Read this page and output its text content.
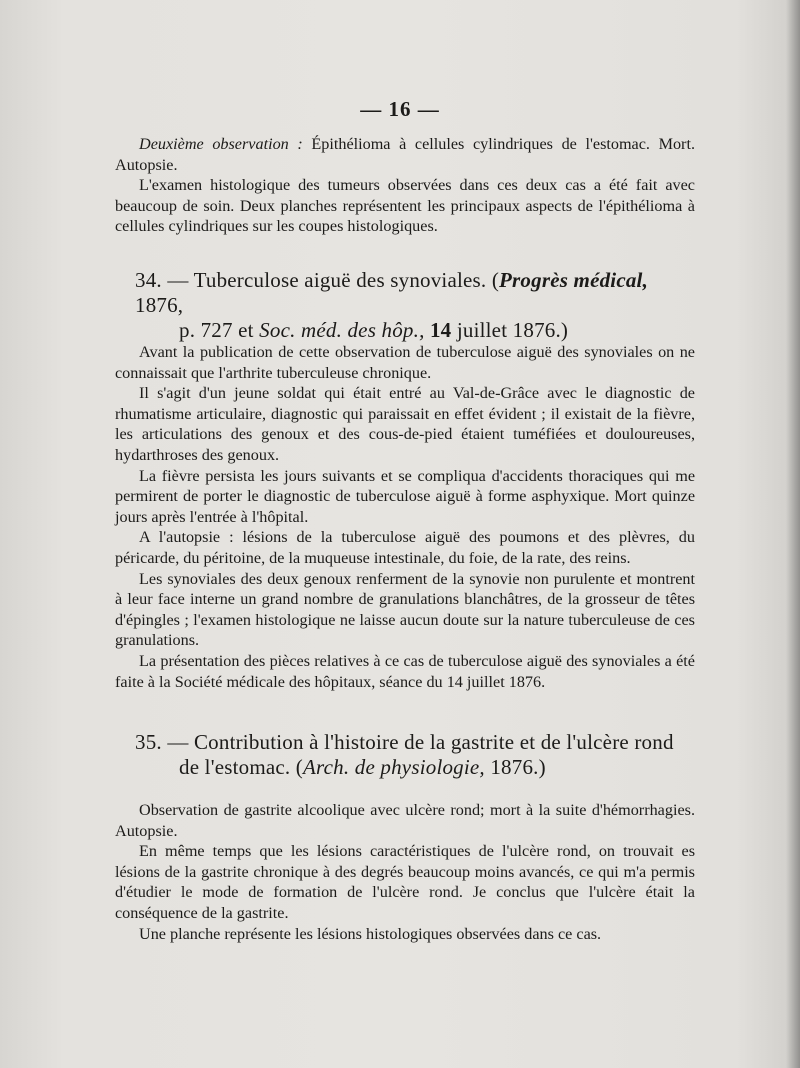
— 16 —

Deuxième observation : Épithélioma à cellules cylindriques de l'estomac. Mort. Autopsie.

L'examen histologique des tumeurs observées dans ces deux cas a été fait avec beaucoup de soin. Deux planches représentent les principaux aspects de l'épithélioma à cellules cylindriques sur les coupes histologiques.

34. — Tuberculose aiguë des synoviales. (Progrès médical, 1876,
p. 727 et Soc. méd. des hôp., 14 juillet 1876.)

Avant la publication de cette observation de tuberculose aiguë des synoviales on ne connaissait que l'arthrite tuberculeuse chronique.

Il s'agit d'un jeune soldat qui était entré au Val-de-Grâce avec le diagnostic de rhumatisme articulaire, diagnostic qui paraissait en effet évident ; il existait de la fièvre, les articulations des genoux et des cous-de-pied étaient tuméfiées et douloureuses, hydarthroses des genoux.

La fièvre persista les jours suivants et se compliqua d'accidents thoraciques qui me permirent de porter le diagnostic de tuberculose aiguë à forme asphyxique. Mort quinze jours après l'entrée à l'hôpital.

A l'autopsie : lésions de la tuberculose aiguë des poumons et des plèvres, du péricarde, du péritoine, de la muqueuse intestinale, du foie, de la rate, des reins.

Les synoviales des deux genoux renferment de la synovie non purulente et montrent à leur face interne un grand nombre de granulations blanchâtres, de la grosseur de têtes d'épingles ; l'examen histologique ne laisse aucun doute sur la nature tuberculeuse de ces granulations.

La présentation des pièces relatives à ce cas de tuberculose aiguë des synoviales a été faite à la Société médicale des hôpitaux, séance du 14 juillet 1876.

35. — Contribution à l'histoire de la gastrite et de l'ulcère rond
de l'estomac. (Arch. de physiologie, 1876.)

Observation de gastrite alcoolique avec ulcère rond; mort à la suite d'hémorrhagies. Autopsie.

En même temps que les lésions caractéristiques de l'ulcère rond, on trouvait es lésions de la gastrite chronique à des degrés beaucoup moins avancés, ce qui m'a permis d'étudier le mode de formation de l'ulcère rond. Je conclus que l'ulcère était la conséquence de la gastrite.

Une planche représente les lésions histologiques observées dans ce cas.
